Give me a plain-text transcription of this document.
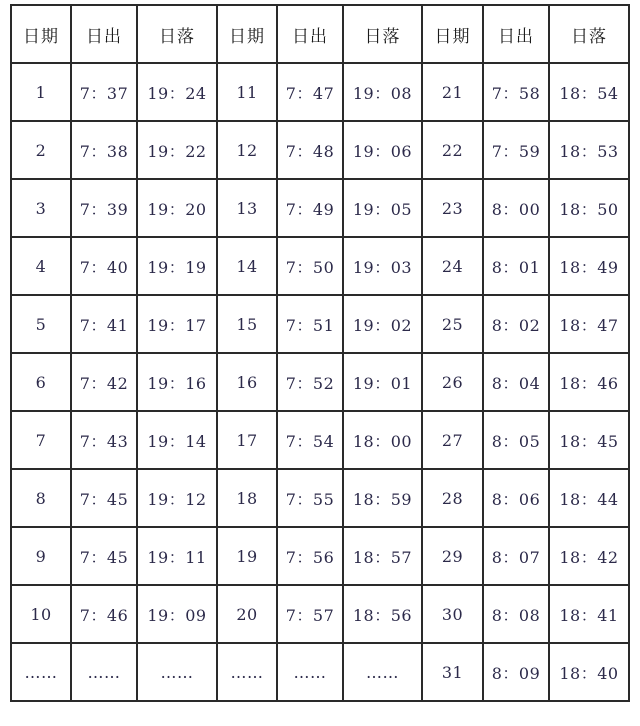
日期	日出	日落	日期	日出	日落	日期	日出	日落
1	7：37	19：24	11	7：47	19：08	21	7：58	18：54
2	7：38	19：22	12	7：48	19：06	22	7：59	18：53
3	7：39	19：20	13	7：49	19：05	23	8：00	18：50
4	7：40	19：19	14	7：50	19：03	24	8：01	18：49
5	7：41	19：17	15	7：51	19：02	25	8：02	18：47
6	7：42	19：16	16	7：52	19：01	26	8：04	18：46
7	7：43	19：14	17	7：54	18：00	27	8：05	18：45
8	7：45	19：12	18	7：55	18：59	28	8：06	18：44
9	7：45	19：11	19	7：56	18：57	29	8：07	18：42
10	7：46	19：09	20	7：57	18：56	30	8：08	18：41
……	……	……	……	……	……	31	8：09	18：40
